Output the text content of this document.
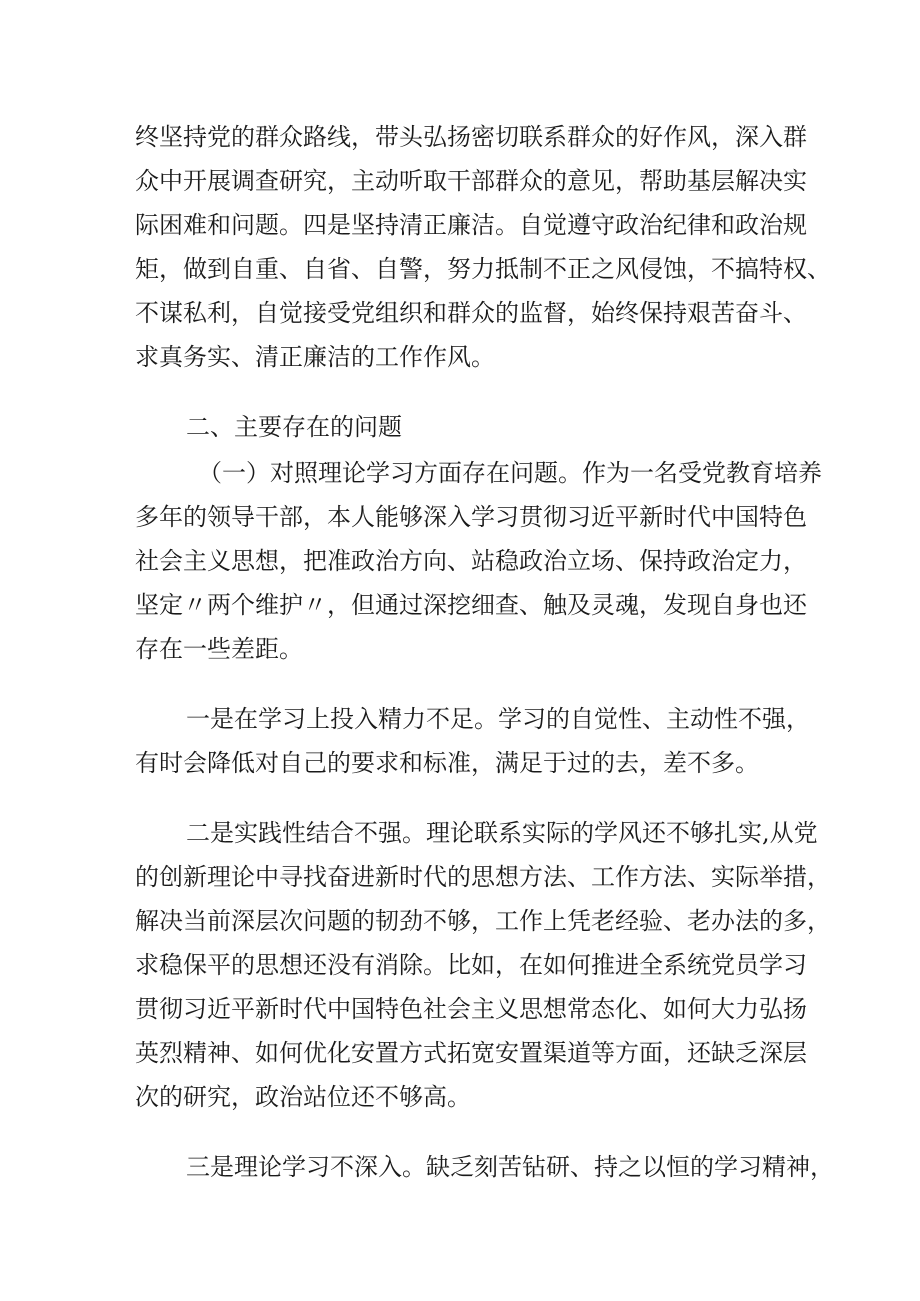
终坚持党的群众路线，带头弘扬密切联系群众的好作风，深入群
众中开展调查研究，主动听取干部群众的意见，帮助基层解决实
际困难和问题。四是坚持清正廉洁。自觉遵守政治纪律和政治规
矩，做到自重、自省、自警，努力抵制不正之风侵蚀，不搞特权、
不谋私利，自觉接受党组织和群众的监督，始终保持艰苦奋斗、
求真务实、清正廉洁的工作作风。
二、主要存在的问题
（一）对照理论学习方面存在问题。作为一名受党教育培养
多年的领导干部，本人能够深入学习贯彻习近平新时代中国特色
社会主义思想，把准政治方向、站稳政治立场、保持政治定力，
坚定〃两个维护〃，但通过深挖细查、触及灵魂，发现自身也还
存在一些差距。
一是在学习上投入精力不足。学习的自觉性、主动性不强，
有时会降低对自己的要求和标准，满足于过的去，差不多。
二是实践性结合不强。理论联系实际的学风还不够扎实,从党
的创新理论中寻找奋进新时代的思想方法、工作方法、实际举措，
解决当前深层次问题的韧劲不够，工作上凭老经验、老办法的多，
求稳保平的思想还没有消除。比如，在如何推进全系统党员学习
贯彻习近平新时代中国特色社会主义思想常态化、如何大力弘扬
英烈精神、如何优化安置方式拓宽安置渠道等方面，还缺乏深层
次的研究，政治站位还不够高。
三是理论学习不深入。缺乏刻苦钻研、持之以恒的学习精神，
